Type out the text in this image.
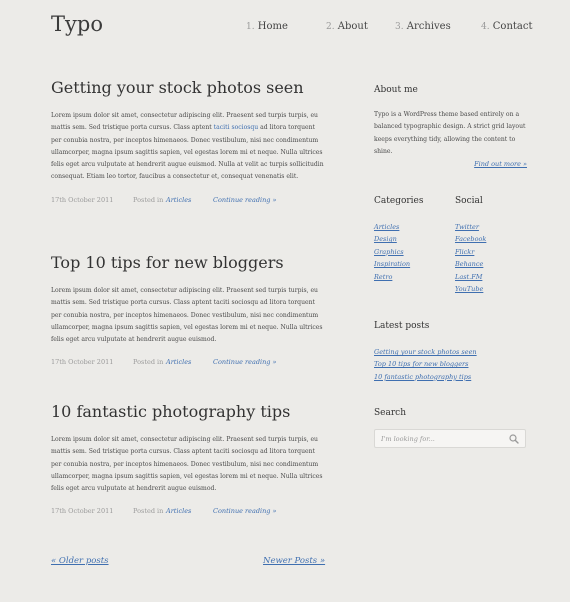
Typo	1. Home	2. About	3. Archives	4. Contact
Getting your stock photos seen
Lorem ipsum dolor sit amet, consectetur adipiscing elit. Praesent sed turpis turpis, eu mattis sem. Sed tristique porta cursus. Class aptent taciti sociosqu ad litora torquent per conubia nostra, per inceptos himenaeos. Donec vestibulum, nisi nec condimentum ullamcorper, magna ipsum sagittis sapien, vel egestas lorem mi et neque. Nulla ultrices felis eget arcu vulputate at hendrerit augue euismod. Nulla at velit ac turpis sollicitudin consequat. Etiam leo tortor, faucibus a consectetur et, consequat venenatis elit.
17th October 2011	Posted in Articles	Continue reading »
Top 10 tips for new bloggers
Lorem ipsum dolor sit amet, consectetur adipiscing elit. Praesent sed turpis turpis, eu mattis sem. Sed tristique porta cursus. Class aptent taciti sociosqu ad litora torquent per conubia nostra, per inceptos himenaeos. Donec vestibulum, nisi nec condimentum ullamcorper, magna ipsum sagittis sapien, vel egestas lorem mi et neque. Nulla ultrices felis eget arcu vulputate at hendrerit augue euismod.
17th October 2011	Posted in Articles	Continue reading »
10 fantastic photography tips
Lorem ipsum dolor sit amet, consectetur adipiscing elit. Praesent sed turpis turpis, eu mattis sem. Sed tristique porta cursus. Class aptent taciti sociosqu ad litora torquent per conubia nostra, per inceptos himenaeos. Donec vestibulum, nisi nec condimentum ullamcorper, magna ipsum sagittis sapien, vel egestas lorem mi et neque. Nulla ultrices felis eget arcu vulputate at hendrerit augue euismod.
17th October 2011	Posted in Articles	Continue reading »
« Older posts	Newer Posts »
About me
Typo is a WordPress theme based entirely on a balanced typographic design. A strict grid layout keeps everything tidy, allowing the content to shine.
Find out more »
Categories
Articles
Design
Graphics
Inspiration
Retro
Social
Twitter
Facebook
Flickr
Behance
Last.FM
YouTube
Latest posts
Getting your stock photos seen
Top 10 tips for new bloggers
10 fantastic photography tips
Search
I'm looking for...
